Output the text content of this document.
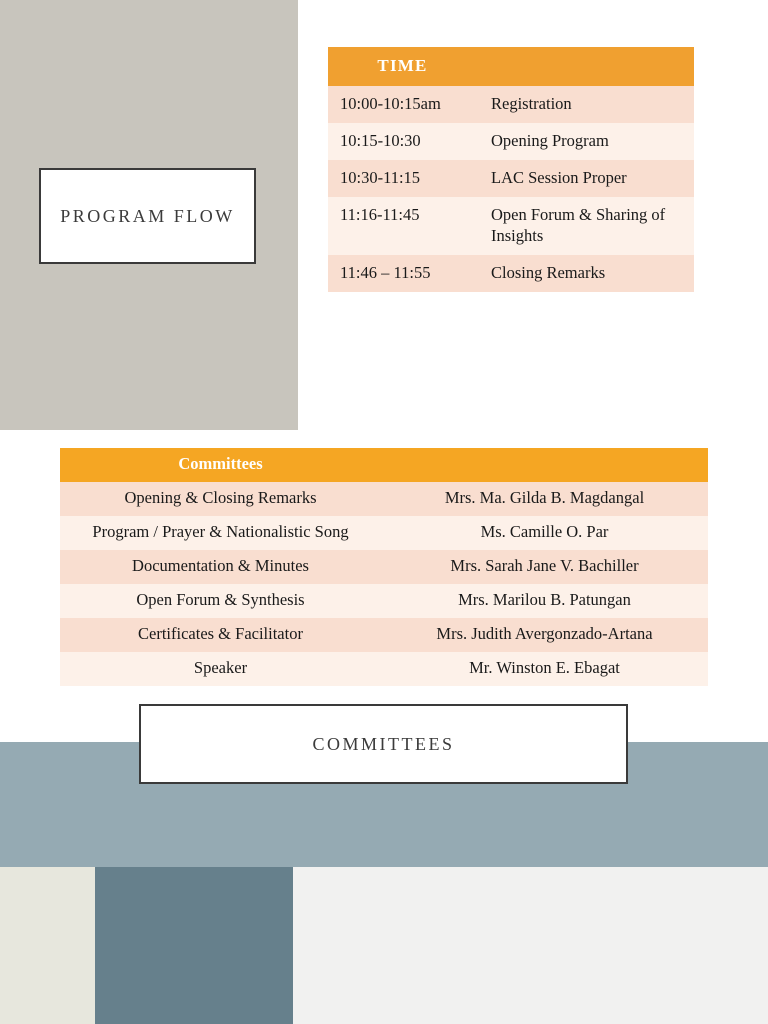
PROGRAM FLOW
TIME	
10:00-10:15am	Registration
10:15-10:30	Opening Program
10:30-11:15	LAC Session Proper
11:16-11:45	Open Forum & Sharing of Insights
11:46 – 11:55	Closing Remarks
Committees	
Opening & Closing Remarks	Mrs. Ma. Gilda B. Magdangal
Program / Prayer & Nationalistic Song	Ms. Camille O. Par
Documentation & Minutes	Mrs. Sarah Jane V. Bachiller
Open Forum & Synthesis	Mrs. Marilou B. Patungan
Certificates & Facilitator	Mrs. Judith Avergonzado-Artana
Speaker	Mr. Winston E. Ebagat
COMMITTEES
